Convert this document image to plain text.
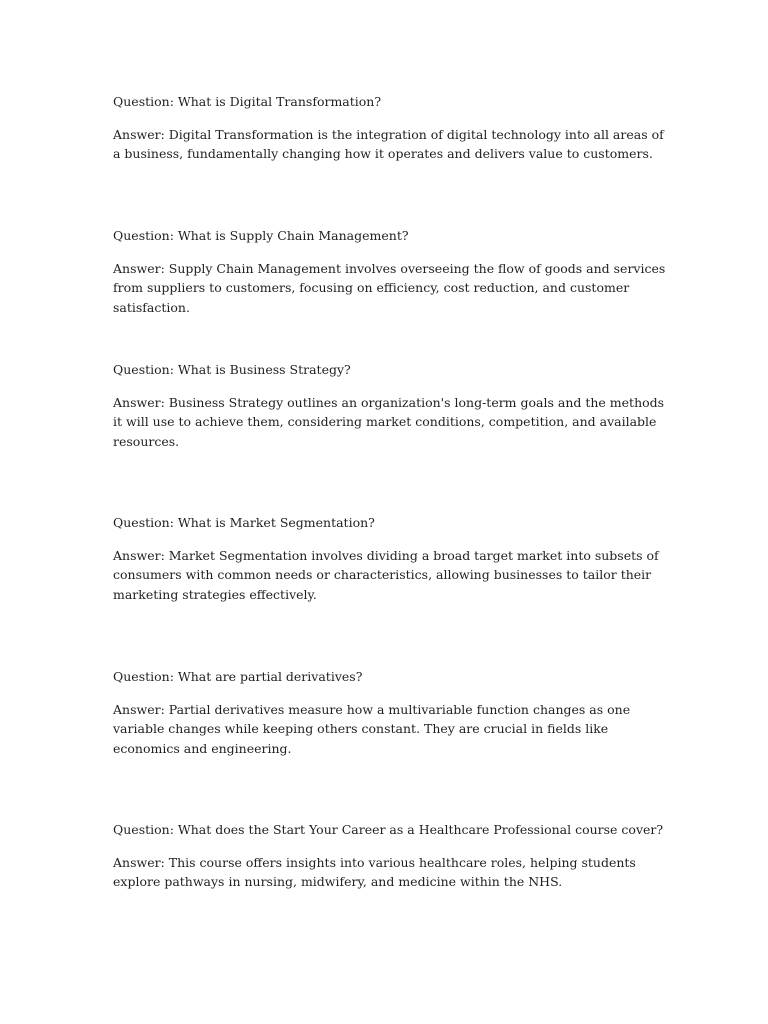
Question: What is Digital Transformation?

Answer: Digital Transformation is the integration of digital technology into all areas of a business, fundamentally changing how it operates and delivers value to customers.

Question: What is Supply Chain Management?

Answer: Supply Chain Management involves overseeing the flow of goods and services from suppliers to customers, focusing on efficiency, cost reduction, and customer satisfaction.

Question: What is Business Strategy?

Answer: Business Strategy outlines an organization's long-term goals and the methods it will use to achieve them, considering market conditions, competition, and available resources.

Question: What is Market Segmentation?

Answer: Market Segmentation involves dividing a broad target market into subsets of consumers with common needs or characteristics, allowing businesses to tailor their marketing strategies effectively.

Question: What are partial derivatives?

Answer: Partial derivatives measure how a multivariable function changes as one variable changes while keeping others constant. They are crucial in fields like economics and engineering.

Question: What does the Start Your Career as a Healthcare Professional course cover?

Answer: This course offers insights into various healthcare roles, helping students explore pathways in nursing, midwifery, and medicine within the NHS.
